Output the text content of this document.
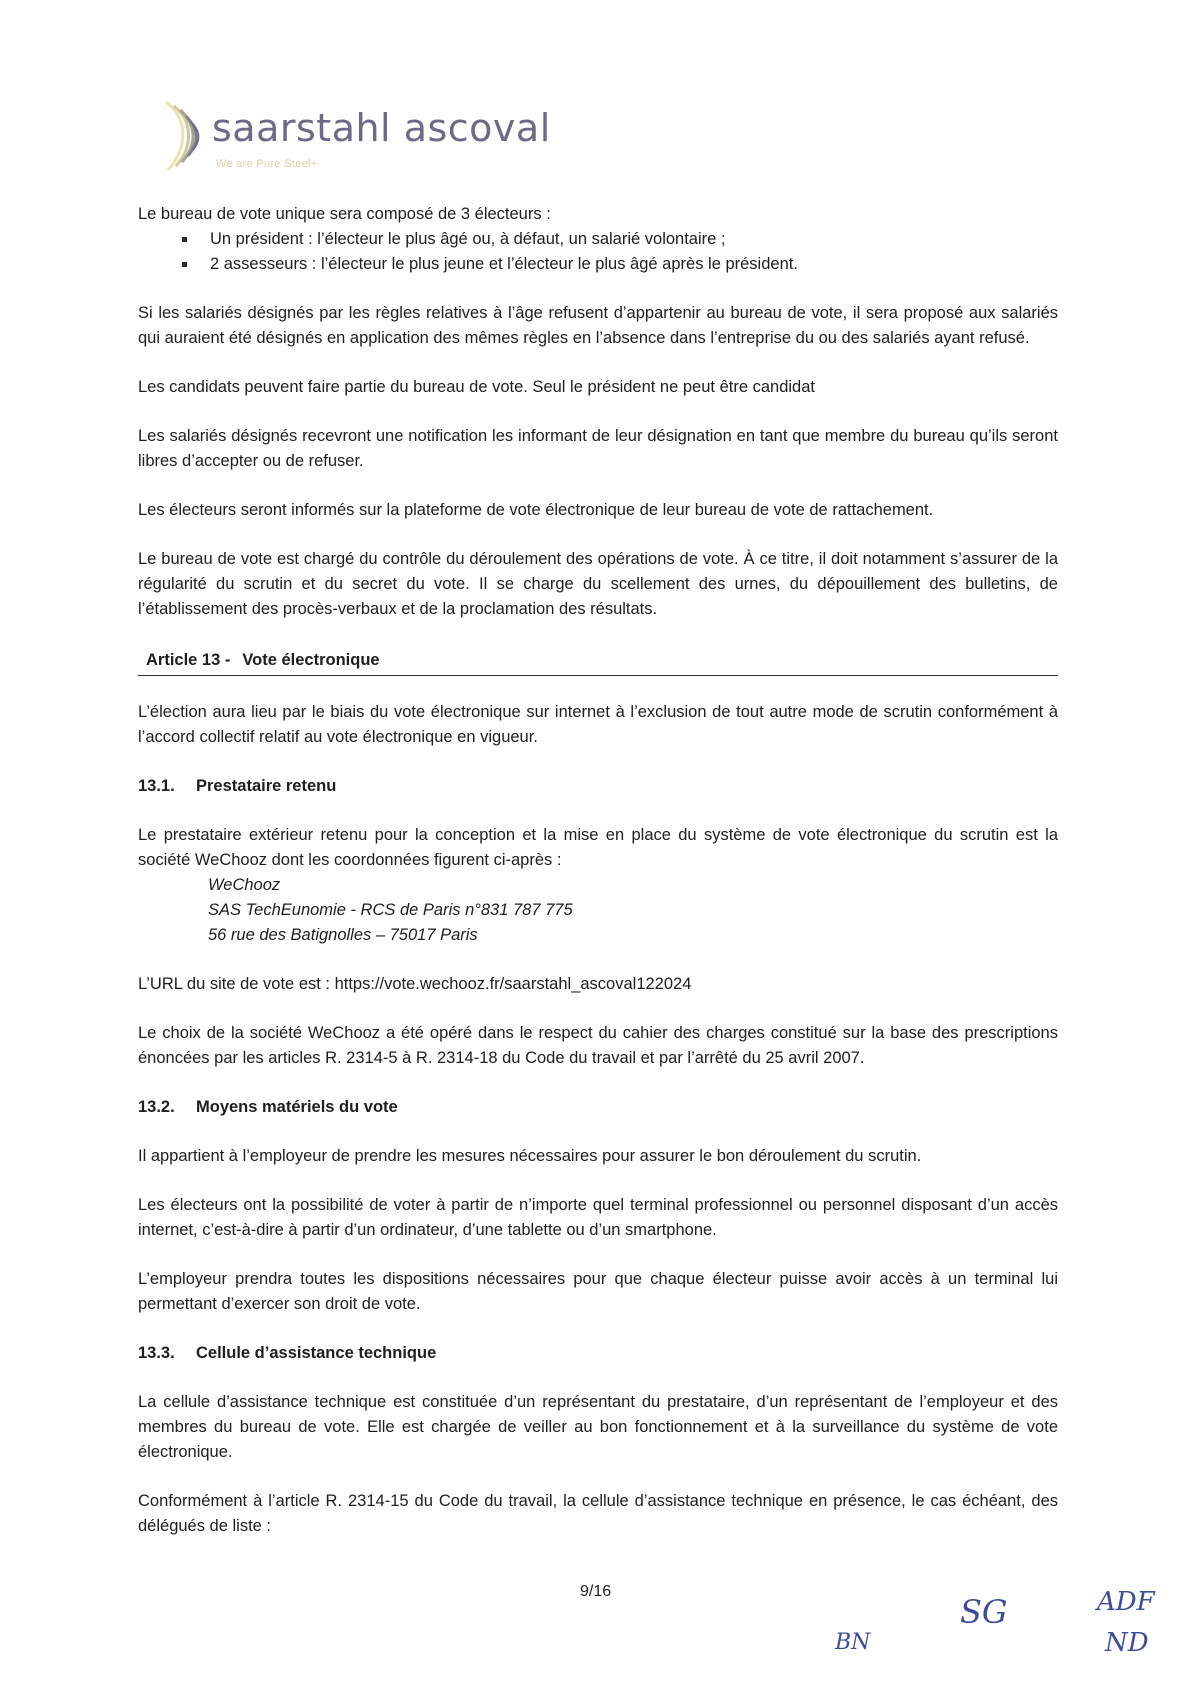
saarstahl ascoval
We are Pure Steel+

Le bureau de vote unique sera composé de 3 électeurs :

Un président : l’électeur le plus âgé ou, à défaut, un salarié volontaire ;
2 assesseurs : l’électeur le plus jeune et l’électeur le plus âgé après le président.

Si les salariés désignés par les règles relatives à l’âge refusent d’appartenir au bureau de vote, il sera proposé aux salariés qui auraient été désignés en application des mêmes règles en l’absence dans l’entreprise du ou des salariés ayant refusé.

Les candidats peuvent faire partie du bureau de vote. Seul le président ne peut être candidat

Les salariés désignés recevront une notification les informant de leur désignation en tant que membre du bureau qu’ils seront libres d’accepter ou de refuser.

Les électeurs seront informés sur la plateforme de vote électronique de leur bureau de vote de rattachement.

Le bureau de vote est chargé du contrôle du déroulement des opérations de vote. À ce titre, il doit notamment s’assurer de la régularité du scrutin et du secret du vote. Il se charge du scellement des urnes, du dépouillement des bulletins, de l’établissement des procès-verbaux et de la proclamation des résultats.

Article 13 - Vote électronique

L’élection aura lieu par le biais du vote électronique sur internet à l’exclusion de tout autre mode de scrutin conformément à l’accord collectif relatif au vote électronique en vigueur.

13.1. Prestataire retenu

Le prestataire extérieur retenu pour la conception et la mise en place du système de vote électronique du scrutin est la société WeChooz dont les coordonnées figurent ci-après :

WeChooz

SAS TechEunomie - RCS de Paris n°831 787 775

56 rue des Batignolles – 75017 Paris

L’URL du site de vote est : https://vote.wechooz.fr/saarstahl_ascoval122024

Le choix de la société WeChooz a été opéré dans le respect du cahier des charges constitué sur la base des prescriptions énoncées par les articles R. 2314-5 à R. 2314-18 du Code du travail et par l’arrêté du 25 avril 2007.

13.2. Moyens matériels du vote

Il appartient à l’employeur de prendre les mesures nécessaires pour assurer le bon déroulement du scrutin.

Les électeurs ont la possibilité de voter à partir de n’importe quel terminal professionnel ou personnel disposant d’un accès internet, c’est-à-dire à partir d’un ordinateur, d’une tablette ou d’un smartphone.

L’employeur prendra toutes les dispositions nécessaires pour que chaque électeur puisse avoir accès à un terminal lui permettant d’exercer son droit de vote.

13.3. Cellule d’assistance technique

La cellule d’assistance technique est constituée d’un représentant du prestataire, d’un représentant de l’employeur et des membres du bureau de vote. Elle est chargée de veiller au bon fonctionnement et à la surveillance du système de vote électronique.

Conformément à l’article R. 2314-15 du Code du travail, la cellule d’assistance technique en présence, le cas échéant, des délégués de liste :

9/16
BN
SG	ADF
ND
